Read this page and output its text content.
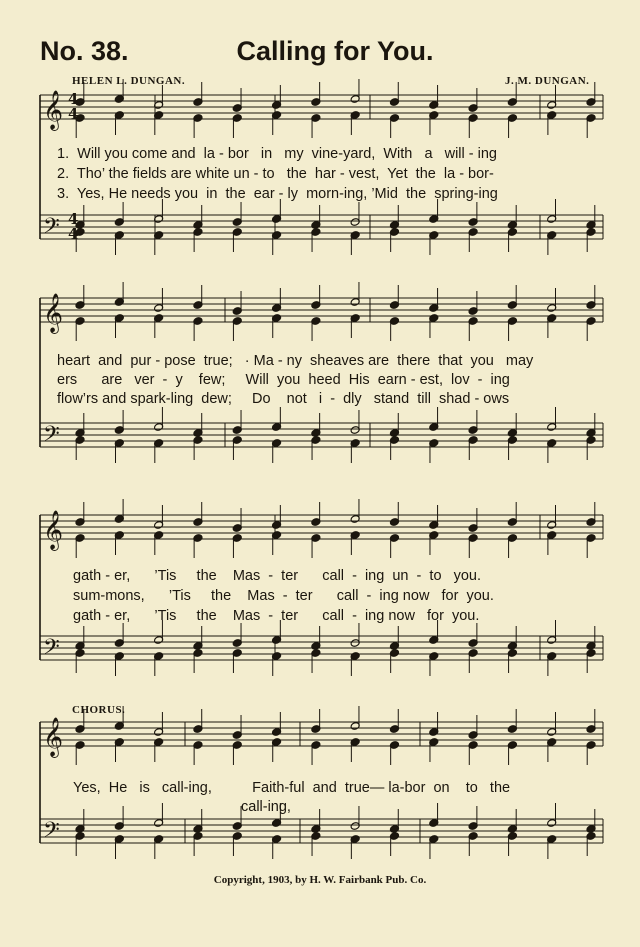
𝄞
𝄢
𝄞
𝄢
𝄞
𝄢
𝄞
𝄢
4
4
4
4
No. 38.	Calling for You.
HELEN L. DUNGAN.	J. M. DUNGAN.
1.  Will you come and  la - bor   in   my  vine-yard,  With   a   will - ing
2.  Tho’ the fields are white un - to   the  har - vest,  Yet  the  la - bor-
3.  Yes, He needs you  in  the  ear - ly  morn-ing, ’Mid  the  spring-ing
heart  and  pur - pose  true;   · Ma - ny  sheaves are  there  that  you   may
ers      are   ver  -  y    few;     Will  you  heed  His  earn - est,  lov  -  ing
flow’rs and spark-ling  dew;     Do    not   i  -  dly   stand  till  shad - ows
gath - er,      ’Tis     the    Mas  -  ter      call  -  ing  un  -  to   you.
sum-mons,      ’Tis     the    Mas  -  ter      call  -  ing now   for  you.
gath - er,      ’Tis     the    Mas  -  ter      call  -  ing now   for  you.
CHORUS.
Yes,  He   is   call-ing,          Faith-ful  and  true— la-bor  on    to   the
call-ing,
Copyright, 1903, by H. W. Fairbank Pub. Co.
